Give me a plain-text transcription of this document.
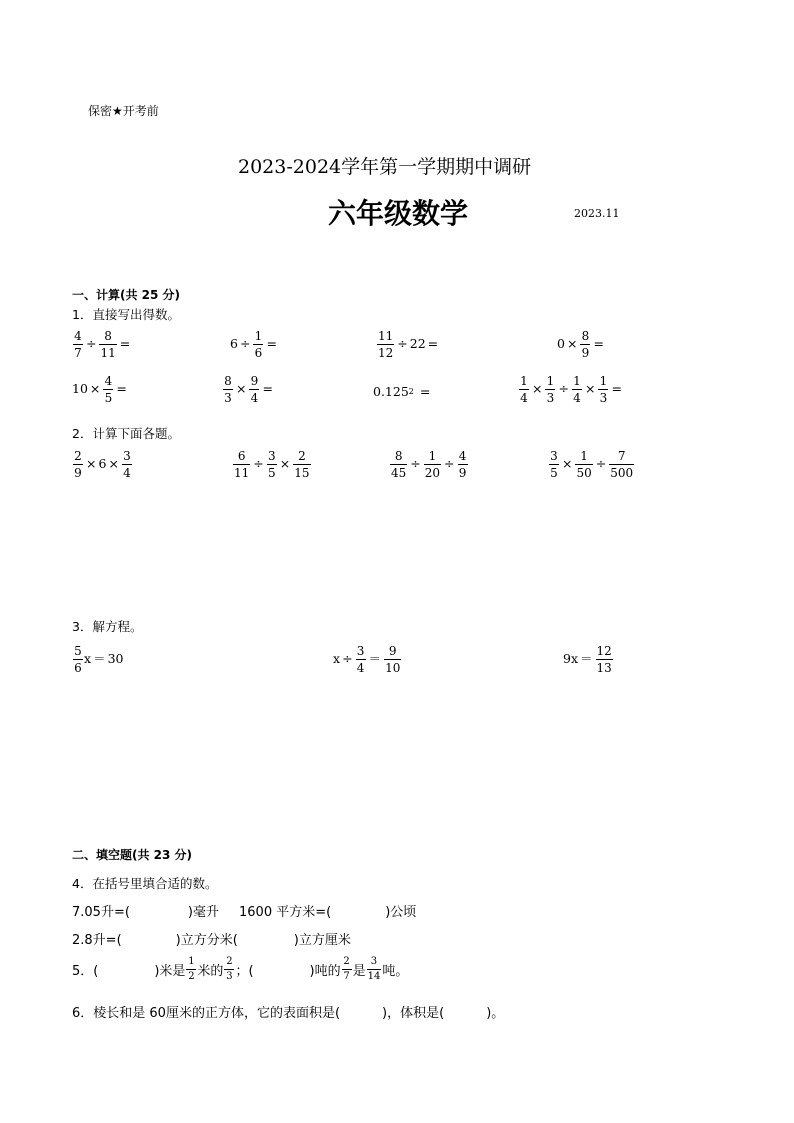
保密★开考前
2023-2024学年第一学期期中调研
六年级数学	2023.11
一、计算(共 25 分)
1．直接写出得数。
$\frac{4}{7} \div \frac{8}{11}$ =	$6 \div \frac{1}{6}$ =	$\frac{11}{12} \div 22$ =	$0 \times \frac{8}{9}$ =
$10 \times \frac{4}{5}$ =	$\frac{8}{3} \times \frac{9}{4}$ =	0.125 2 =	$\frac{1}{4} \times \frac{1}{3} \div \frac{1}{4} \times \frac{1}{3}$ =
2．计算下面各题。
$\frac{2}{9} \times 6 \times \frac{3}{4}$	$\frac{6}{11} \div \frac{3}{5} \times \frac{2}{15}$	$\frac{8}{45} \div \frac{1}{20} \div \frac{4}{9}$	$\frac{3}{5} \times \frac{1}{50} \div \frac{7}{500}$
3．解方程。
$\frac{5}{6}$ x ＝ 30	$x \div \frac{3}{4} = \frac{9}{10}$	9 $x = \frac{12}{13}$
二、填空题(共 23 分)
4．在括号里填合适的数。
7.05升=(	)毫升 1600 平方米=(	)公顷
2.8升=(	)立方分米(	)立方厘米
5．(	)米是 $\frac{1}{2}$ 米的 $\frac{2}{3}$ ；(	)吨的 $\frac{2}{7}$ 是 $\frac{3}{14}$ 吨。
6．棱长和是 60厘米的正方体，它的表面积是(	)，体积是(	)。
